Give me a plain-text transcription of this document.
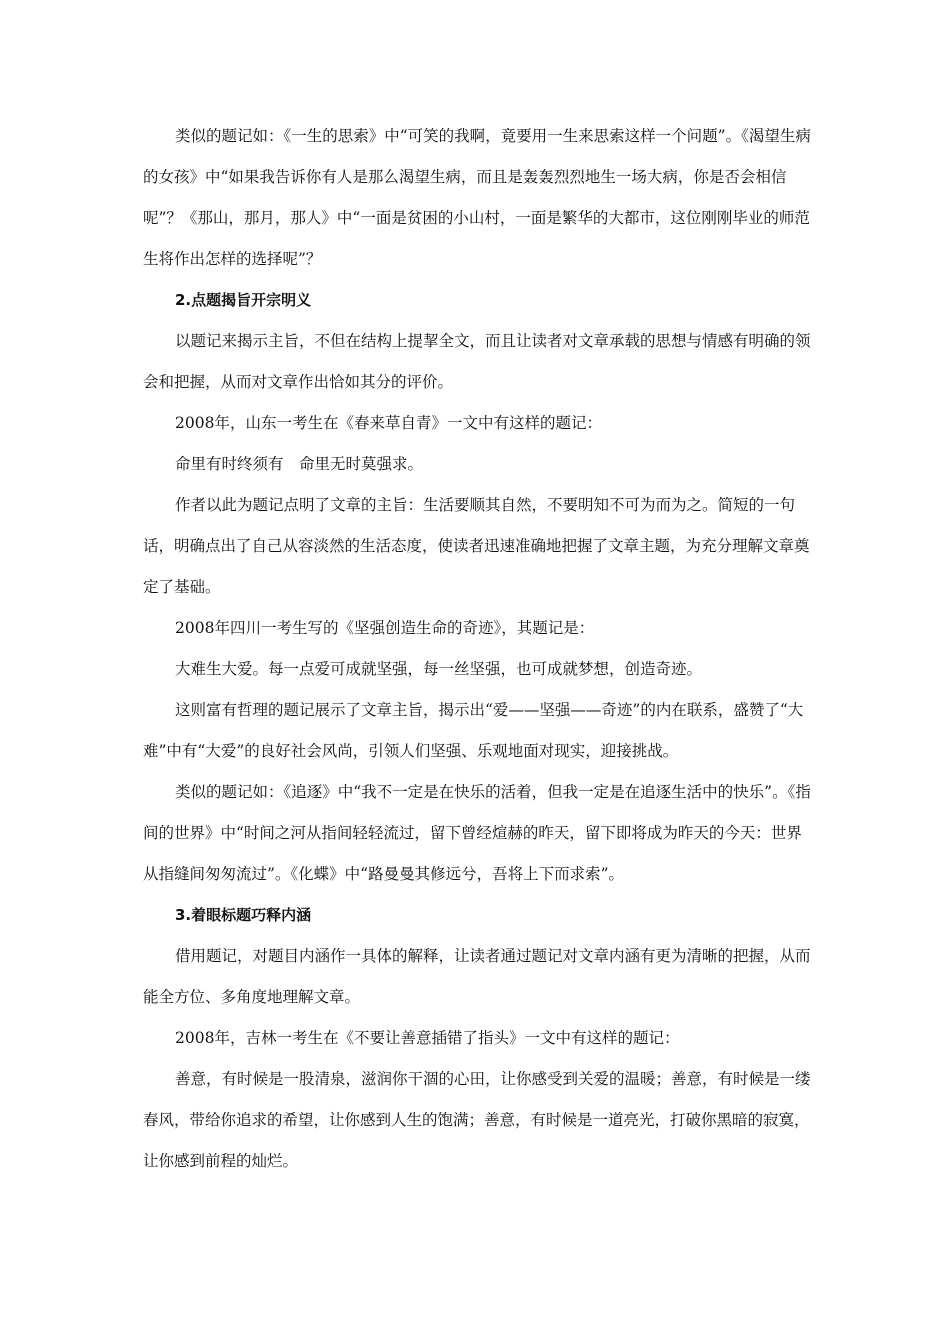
类似的题记如：《一生的思索》中“可笑的我啊，竟要用一生来思索这样一个问题”。《渴望生病的女孩》中“如果我告诉你有人是那么渴望生病，而且是轰轰烈烈地生一场大病，你是否会相信呢”？《那山，那月，那人》中“一面是贫困的小山村，一面是繁华的大都市，这位刚刚毕业的师范生将作出怎样的选择呢”？

2.点题揭旨开宗明义

以题记来揭示主旨，不但在结构上提挈全文，而且让读者对文章承载的思想与情感有明确的领会和把握，从而对文章作出恰如其分的评价。

2008年，山东一考生在《春来草自青》一文中有这样的题记：

命里有时终须有　命里无时莫强求。

作者以此为题记点明了文章的主旨：生活要顺其自然，不要明知不可为而为之。简短的一句话，明确点出了自己从容淡然的生活态度，使读者迅速准确地把握了文章主题，为充分理解文章奠定了基础。

2008年四川一考生写的《坚强创造生命的奇迹》，其题记是：

大难生大爱。每一点爱可成就坚强，每一丝坚强，也可成就梦想，创造奇迹。

这则富有哲理的题记展示了文章主旨，揭示出“爱——坚强——奇迹”的内在联系，盛赞了“大难”中有“大爱”的良好社会风尚，引领人们坚强、乐观地面对现实，迎接挑战。

类似的题记如：《追逐》中“我不一定是在快乐的活着，但我一定是在追逐生活中的快乐”。《指间的世界》中“时间之河从指间轻轻流过，留下曾经煊赫的昨天，留下即将成为昨天的今天：世界从指缝间匆匆流过”。《化蝶》中“路曼曼其修远兮，吾将上下而求索”。

3.着眼标题巧释内涵

借用题记，对题目内涵作一具体的解释，让读者通过题记对文章内涵有更为清晰的把握，从而能全方位、多角度地理解文章。

2008年，吉林一考生在《不要让善意插错了指头》一文中有这样的题记：

善意，有时候是一股清泉，滋润你干涸的心田，让你感受到关爱的温暖；善意，有时候是一缕春风，带给你追求的希望，让你感到人生的饱满；善意，有时候是一道亮光，打破你黑暗的寂寞，让你感到前程的灿烂。
